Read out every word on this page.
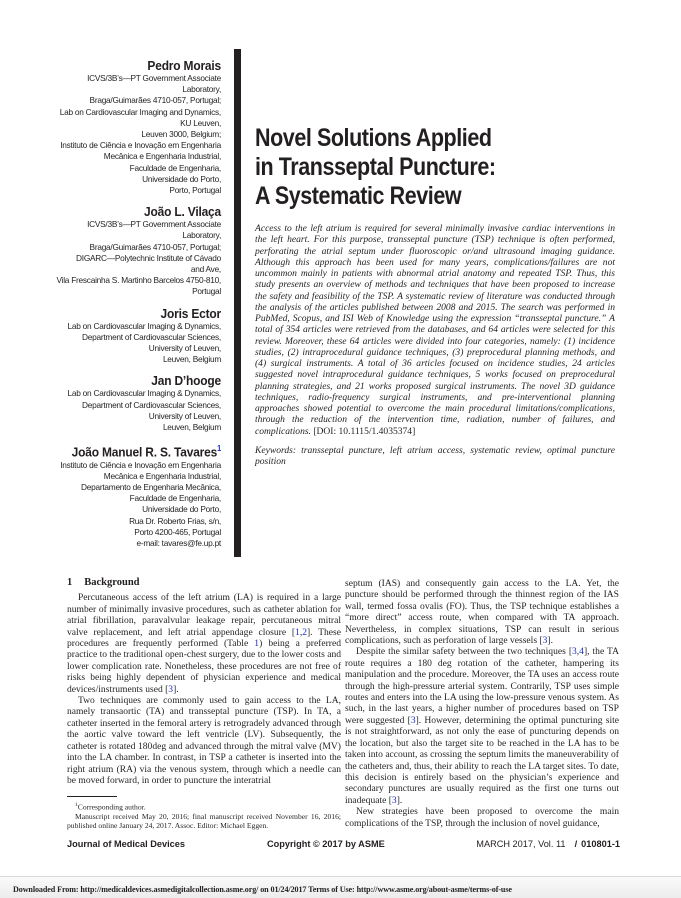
Pedro Morais
ICVS/3B’s—PT Government Associate
Laboratory,
Braga/Guimarães 4710-057, Portugal;
Lab on Cardiovascular Imaging and Dynamics,
KU Leuven,
Leuven 3000, Belgium;
Instituto de Ciência e Inovação em Engenharia
Mecânica e Engenharia Industrial,
Faculdade de Engenharia,
Universidade do Porto,
Porto, Portugal
João L. Vilaça
ICVS/3B’s—PT Government Associate
Laboratory,
Braga/Guimarães 4710-057, Portugal;
DIGARC—Polytechnic Institute of Cávado
and Ave,
Vila Frescainha S. Martinho Barcelos 4750-810,
Portugal
Joris Ector
Lab on Cardiovascular Imaging & Dynamics,
Department of Cardiovascular Sciences,
University of Leuven,
Leuven, Belgium
Jan D’hooge
Lab on Cardiovascular Imaging & Dynamics,
Department of Cardiovascular Sciences,
University of Leuven,
Leuven, Belgium
João Manuel R. S. Tavares$^1$
Instituto de Ciência e Inovação em Engenharia
Mecânica e Engenharia Industrial,
Departamento de Engenharia Mecânica,
Faculdade de Engenharia,
Universidade do Porto,
Rua Dr. Roberto Frias, s/n,
Porto 4200-465, Portugal
e-mail: tavares@fe.up.pt
Novel Solutions Applied
in Transseptal Puncture:
A Systematic Review
Access to the left atrium is required for several minimally invasive cardiac interventions in the left heart. For this purpose, transseptal puncture (TSP) technique is often performed, perforating the atrial septum under fluoroscopic or/and ultrasound imaging guidance. Although this approach has been used for many years, complications/failures are not uncommon mainly in patients with abnormal atrial anatomy and repeated TSP. Thus, this study presents an overview of methods and techniques that have been proposed to increase the safety and feasibility of the TSP. A systematic review of literature was conducted through the analysis of the articles published between 2008 and 2015. The search was performed in PubMed, Scopus, and ISI Web of Knowledge using the expression “transseptal puncture.” A total of 354 articles were retrieved from the databases, and 64 articles were selected for this review. Moreover, these 64 articles were divided into four categories, namely: (1) incidence studies, (2) intraprocedural guidance techniques, (3) preprocedural planning methods, and (4) surgical instruments. A total of 36 articles focused on incidence studies, 24 articles suggested novel intraprocedural guidance techniques, 5 works focused on preprocedural planning strategies, and 21 works proposed surgical instruments. The novel 3D guidance techniques, radio-frequency surgical instruments, and pre-interventional planning approaches showed potential to overcome the main procedural limitations/complications, through the reduction of the intervention time, radiation, number of failures, and complications. [DOI: 10.1115/1.4035374]
Keywords: transseptal puncture, left atrium access, systematic review, optimal puncture position
1 Background

Percutaneous access of the left atrium (LA) is required in a large number of minimally invasive procedures, such as catheter ablation for atrial fibrillation, paravalvular leakage repair, percutaneous mitral valve replacement, and left atrial appendage closure [1,2]. These procedures are frequently performed (Table 1) being a preferred practice to the traditional open-chest surgery, due to the lower costs and lower complication rate. Nonetheless, these procedures are not free of risks being highly dependent of physician experience and medical devices/instruments used [3].

Two techniques are commonly used to gain access to the LA, namely transaortic (TA) and transseptal puncture (TSP). In TA, a catheter inserted in the femoral artery is retrogradely advanced through the aortic valve toward the left ventricle (LV). Subsequently, the catheter is rotated 180deg and advanced through the mitral valve (MV) into the LA chamber. In contrast, in TSP a catheter is inserted into the right atrium (RA) via the venous system, through which a needle can be moved forward, in order to puncture the interatrial

septum (IAS) and consequently gain access to the LA. Yet, the puncture should be performed through the thinnest region of the IAS wall, termed fossa ovalis (FO). Thus, the TSP technique establishes a “more direct” access route, when compared with TA approach. Nevertheless, in complex situations, TSP can result in serious complications, such as perforation of large vessels [3].

Despite the similar safety between the two techniques [3,4], the TA route requires a 180 deg rotation of the catheter, hampering its manipulation and the procedure. Moreover, the TA uses an access route through the high-pressure arterial system. Contrarily, TSP uses simple routes and enters into the LA using the low-pressure venous system. As such, in the last years, a higher number of procedures based on TSP were suggested [3]. However, determining the optimal puncturing site is not straightforward, as not only the ease of puncturing depends on the location, but also the target site to be reached in the LA has to be taken into account, as crossing the septum limits the maneuverability of the catheters and, thus, their ability to reach the LA target sites. To date, this decision is entirely based on the physician’s experience and secondary punctures are usually required as the first one turns out inadequate [3].

New strategies have been proposed to overcome the main complications of the TSP, through the inclusion of novel guidance,

$^1$Corresponding author.

Manuscript received May 20, 2016; final manuscript received November 16, 2016; published online January 24, 2017. Assoc. Editor: Michael Eggen.

Journal of Medical Devices	Copyright © 2017 by ASME	MARCH 2017, Vol. 11 / 010801-1
Downloaded From: http://medicaldevices.asmedigitalcollection.asme.org/ on 01/24/2017 Terms of Use: http://www.asme.org/about-asme/terms-of-use
